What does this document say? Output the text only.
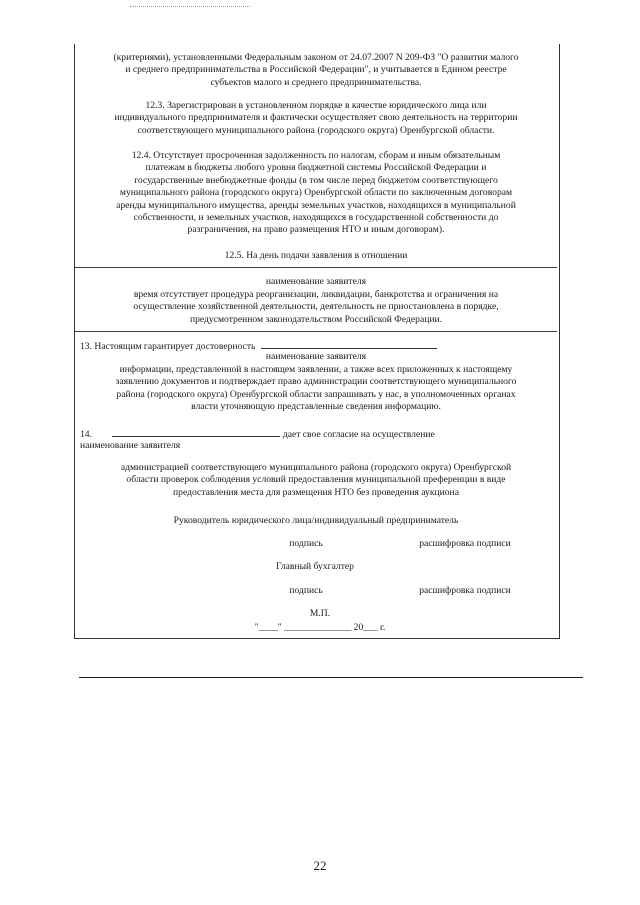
(критериями), установленными Федеральным законом от 24.07.2007 N 209-ФЗ "О развитии малого
и среднего предпринимательства в Российской Федерации", и учитывается в Едином реестре
субъектов малого и среднего предпринимательства.
12.3. Зарегистрирован в установленном порядке в качестве юридического лица или
индивидуального предпринимателя и фактически осуществляет свою деятельность на территории
соответствующего муниципального района (городского округа) Оренбургской области.
12.4. Отсутствует просроченная задолженность по налогам, сборам и иным обязательным
платежам в бюджеты любого уровня бюджетной системы Российской Федерации и
государственные внебюджетные фонды (в том числе перед бюджетом соответствующего
муниципального района (городского округа) Оренбургской области по заключенным договорам
аренды муниципального имущества, аренды земельных участков, находящихся в муниципальной
собственности, и земельных участков, находящихся в государственной собственности до
разграничения, на право размещения НТО и иным договорам).
12.5. На день подачи заявления в отношении
наименование заявителя
время отсутствует процедура реорганизации, ликвидации, банкротства и ограничения на
осуществление хозяйственной деятельности, деятельность не приостановлена в порядке,
предусмотренном законодательством Российской Федерации.
13. Настоящим гарантирует достоверность
наименование заявителя
информации, представленной в настоящем заявлении, а также всех приложенных к настоящему
заявлению документов и подтверждает право администрации соответствующего муниципального
района (городского округа) Оренбургской области запрашивать у нас, в уполномоченных органах
власти уточняющую представленные сведения информацию.
14.	дает свое согласие на осуществление
наименование заявителя
администрацией соответствующего муниципального района (городского округа) Оренбургской
области проверок соблюдения условий предоставления муниципальной преференции в виде
предоставления места для размещения НТО без проведения аукциона
Руководитель юридического лица/индивидуальный предприниматель
подпись	расшифровка подписи
Главный бухгалтер
подпись	расшифровка подписи
М.П.
"____" ______________ 20___ г.
22
